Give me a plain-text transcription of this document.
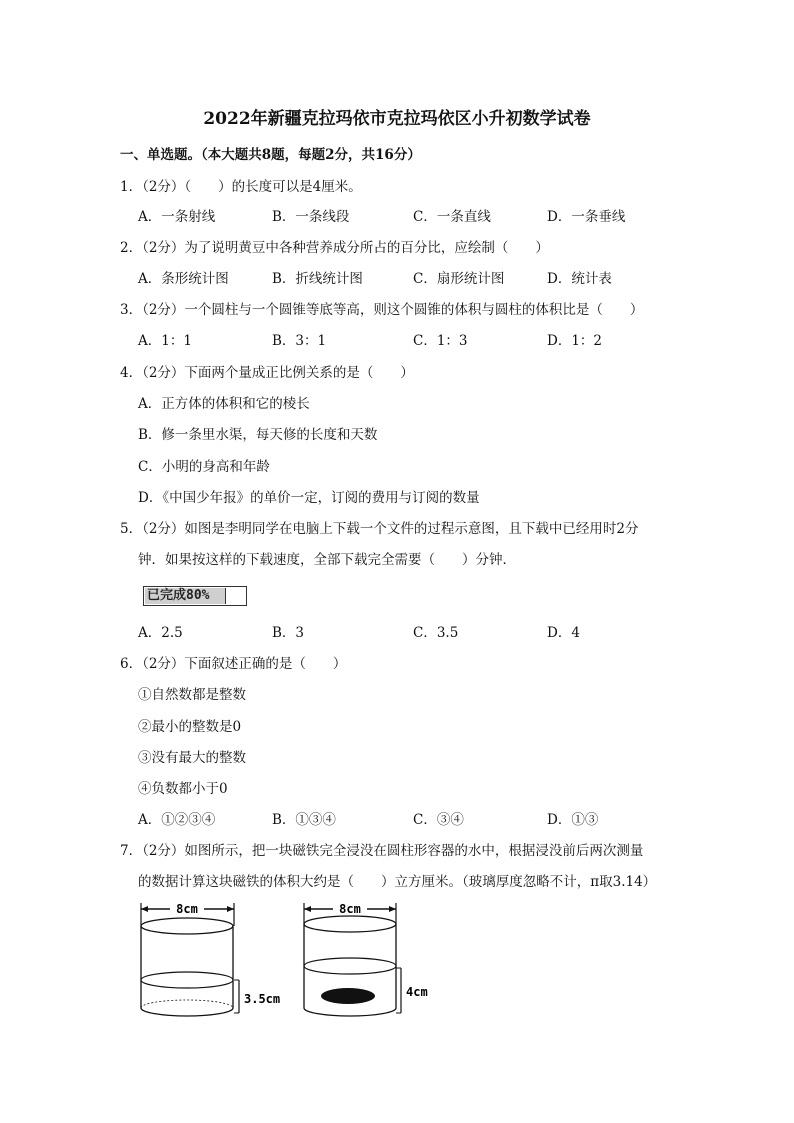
2022年新疆克拉玛依市克拉玛依区小升初数学试卷
一、单选题。（本大题共8题，每题2分，共16分）
1．（2分）（　　）的长度可以是4厘米。
A．一条射线	B．一条线段	C．一条直线	D．一条垂线
2．（2分）为了说明黄豆中各种营养成分所占的百分比，应绘制（　　）
A．条形统计图	B．折线统计图	C．扇形统计图	D．统计表
3．（2分）一个圆柱与一个圆锥等底等高，则这个圆锥的体积与圆柱的体积比是（　　）
A．1：1	B．3：1	C．1：3	D．1：2
4．（2分）下面两个量成正比例关系的是（　　）
A．正方体的体积和它的棱长
B．修一条里水渠，每天修的长度和天数
C．小明的身高和年龄
D．《中国少年报》的单价一定，订阅的费用与订阅的数量
5．（2分）如图是李明同学在电脑上下载一个文件的过程示意图，且下载中已经用时2分
钟．如果按这样的下载速度，全部下载完全需要（　　）分钟．
已完成80%
A．2.5	B．3	C．3.5	D．4
6．（2分）下面叙述正确的是（　　）
①自然数都是整数
②最小的整数是0
③没有最大的整数
④负数都小于0
A．①②③④	B．①③④	C．③④	D．①③
7．（2分）如图所示，把一块磁铁完全浸没在圆柱形容器的水中，根据浸没前后两次测量
的数据计算这块磁铁的体积大约是（　　）立方厘米。（玻璃厚度忽略不计，π取3.14）
8cm
3.5cm
8cm
4cm
